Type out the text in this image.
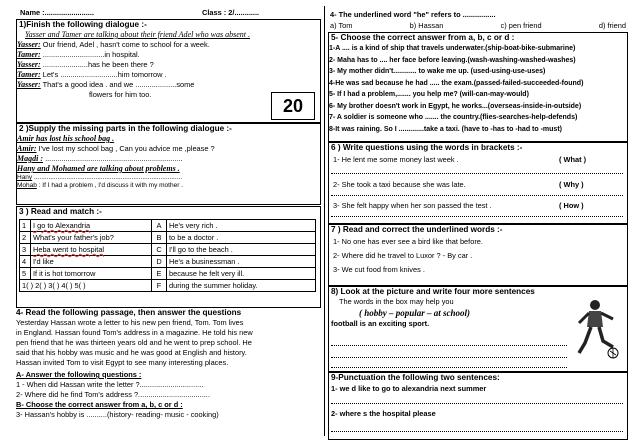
Name :........................	Class : 2/............
1)Finish the following dialogue :-
Yasser and Tamer are talking about their friend Adel who was absent .
Yasser: Our friend, Adel , hasn't come to school for a week.
Tamer: ..............................in hospital.
Yasser: ......................has he been there ?
Tamer: Let's ............................him tomorrow .
Yasser: That's a good idea . and we ....................some
flowers for him too.
20
2 )Supply the missing parts in the following dialogue :-
Amir has lost his school bag .
Amir: I've lost my school bag , Can you advice me ,please ?
Magdi : ...................................................................
Hany and Mohamed are talking about problems .
Hany ..................................................................................
Mohab : If I had a problem , I'd discuss it with my mother .
3 ) Read and match :-
1	I go to Alexandria	A	He's very rich .
2	What's your father's job?	B	to be a doctor .
3	Heba went to hospital	C	I'll go to the beach .
4	I'd like	D	He's a businessman .
5	If it is hot tomorrow	E	because he felt very ill.
1( ) 2( ) 3( ) 4( ) 5( )		F	during the summer holiday.
4- Read the following passage, then answer the questions
Yesterday Hassan wrote a letter to his new pen friend, Tom. Tom lives
in England. Hassan found Tom's address in a magazine. He told his new
pen friend that he was thirteen years old and he went to prep school. He
said that his hobby was music and he was good at English and history.
Hassan invited Tom to visit Egypt to see many interesting places.
A- Answer the following questions :
1 - When did Hassan write the letter ?...............................
2- Where did he find Tom's address ?...................................
B- Choose the correct answer from a, b, c or d :
3- Hassan's hobby is ..........(history- reading- music - cooking)
4- The underlined word "he" refers to ................
a) Tom	b) Hassan	c) pen friend	d) friend
5- Choose the correct answer from a, b, c or d :
1-A .... is a kind of ship that travels underwater.(ship-boat-bike-submarine)
2- Maha has to .... her face before leaving.(wash-washing-washed-washes)
3- My mother didn't............ to wake me up. (used-using-use-uses)
4-He was sad because he had ..... the exam.(passed-failed-succeeded-found)
5- If I had a problem,....... you help me? (will-can-may-would)
6- My brother doesn't work in Egypt, he works...(overseas-inside-in-outside)
7- A soldier is someone who ....... the country.(flies-searches-help-defends)
8-It was raining. So I .............take a taxi. (have to -has to -had to -must)
6 ) Write questions using the words in brackets :-
1- He lent me some money last week .	( What )
2- She took a taxi because she was late.	( Why )
3- She felt happy when her son passed the test .	( How )
7 ) Read and correct the underlined words :-
1- No one has ever see a bird like that before.
2- Where did he travel to Luxor ? - By car .
3- We cut food from knives .
8) Look at the picture and write four more sentences
The words in the box may help you
( hobby – popular – at school)
football is an exciting sport.
9-Punctuation the following two sentences:
1- we d like to go to alexandria next summer
2- where s the hospital please
